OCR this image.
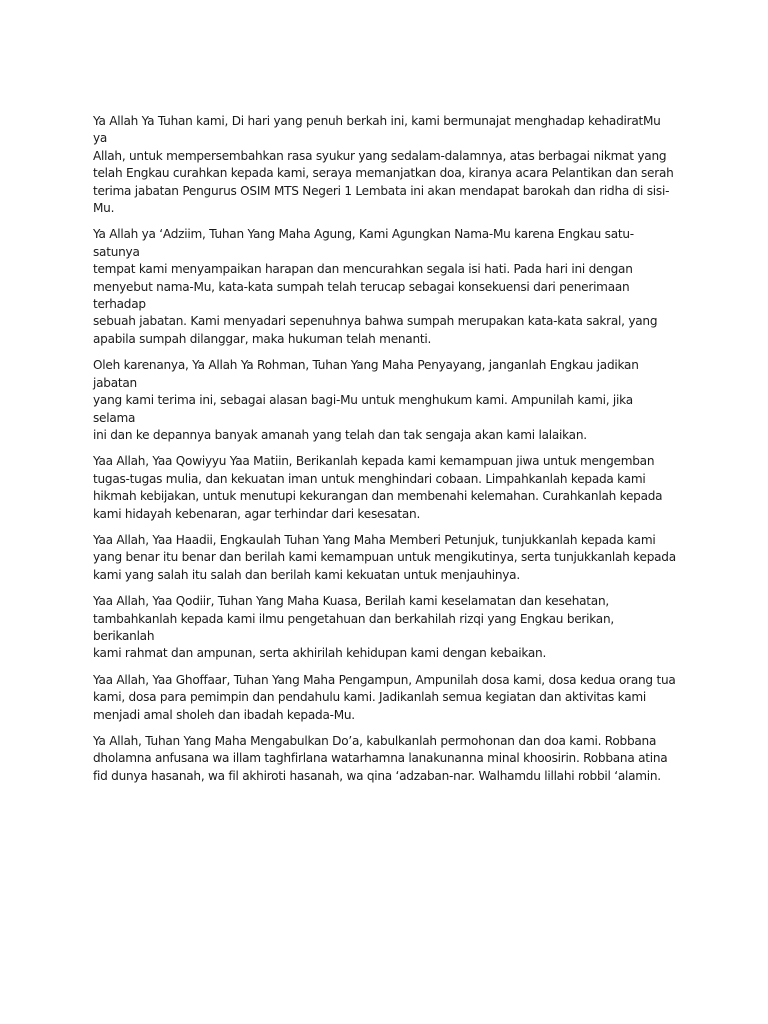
Ya Allah Ya Tuhan kami, Di hari yang penuh berkah ini, kami bermunajat menghadap kehadiratMu ya
Allah, untuk mempersembahkan rasa syukur yang sedalam-dalamnya, atas berbagai nikmat yang
telah Engkau curahkan kepada kami, seraya memanjatkan doa, kiranya acara Pelantikan dan serah
terima jabatan Pengurus OSIM MTS Negeri 1 Lembata ini akan mendapat barokah dan ridha di sisi-
Mu.

Ya Allah ya ‘Adziim, Tuhan Yang Maha Agung, Kami Agungkan Nama-Mu karena Engkau satu-satunya
tempat kami menyampaikan harapan dan mencurahkan segala isi hati. Pada hari ini dengan
menyebut nama-Mu, kata-kata sumpah telah terucap sebagai konsekuensi dari penerimaan terhadap
sebuah jabatan. Kami menyadari sepenuhnya bahwa sumpah merupakan kata-kata sakral, yang
apabila sumpah dilanggar, maka hukuman telah menanti.

Oleh karenanya, Ya Allah Ya Rohman, Tuhan Yang Maha Penyayang, janganlah Engkau jadikan jabatan
yang kami terima ini, sebagai alasan bagi-Mu untuk menghukum kami. Ampunilah kami, jika selama
ini dan ke depannya banyak amanah yang telah dan tak sengaja akan kami lalaikan.

Yaa Allah, Yaa Qowiyyu Yaa Matiin, Berikanlah kepada kami kemampuan jiwa untuk mengemban
tugas-tugas mulia, dan kekuatan iman untuk menghindari cobaan. Limpahkanlah kepada kami
hikmah kebijakan, untuk menutupi kekurangan dan membenahi kelemahan. Curahkanlah kepada
kami hidayah kebenaran, agar terhindar dari kesesatan.

Yaa Allah, Yaa Haadii, Engkaulah Tuhan Yang Maha Memberi Petunjuk, tunjukkanlah kepada kami
yang benar itu benar dan berilah kami kemampuan untuk mengikutinya, serta tunjukkanlah kepada
kami yang salah itu salah dan berilah kami kekuatan untuk menjauhinya.

Yaa Allah, Yaa Qodiir, Tuhan Yang Maha Kuasa, Berilah kami keselamatan dan kesehatan,
tambahkanlah kepada kami ilmu pengetahuan dan berkahilah rizqi yang Engkau berikan, berikanlah
kami rahmat dan ampunan, serta akhirilah kehidupan kami dengan kebaikan.

Yaa Allah, Yaa Ghoffaar, Tuhan Yang Maha Pengampun, Ampunilah dosa kami, dosa kedua orang tua
kami, dosa para pemimpin dan pendahulu kami. Jadikanlah semua kegiatan dan aktivitas kami
menjadi amal sholeh dan ibadah kepada-Mu.

Ya Allah, Tuhan Yang Maha Mengabulkan Do’a, kabulkanlah permohonan dan doa kami. Robbana
dholamna anfusana wa illam taghfirlana watarhamna lanakunanna minal khoosirin. Robbana atina
fid dunya hasanah, wa fil akhiroti hasanah, wa qina ‘adzaban-nar. Walhamdu lillahi robbil ‘alamin.
